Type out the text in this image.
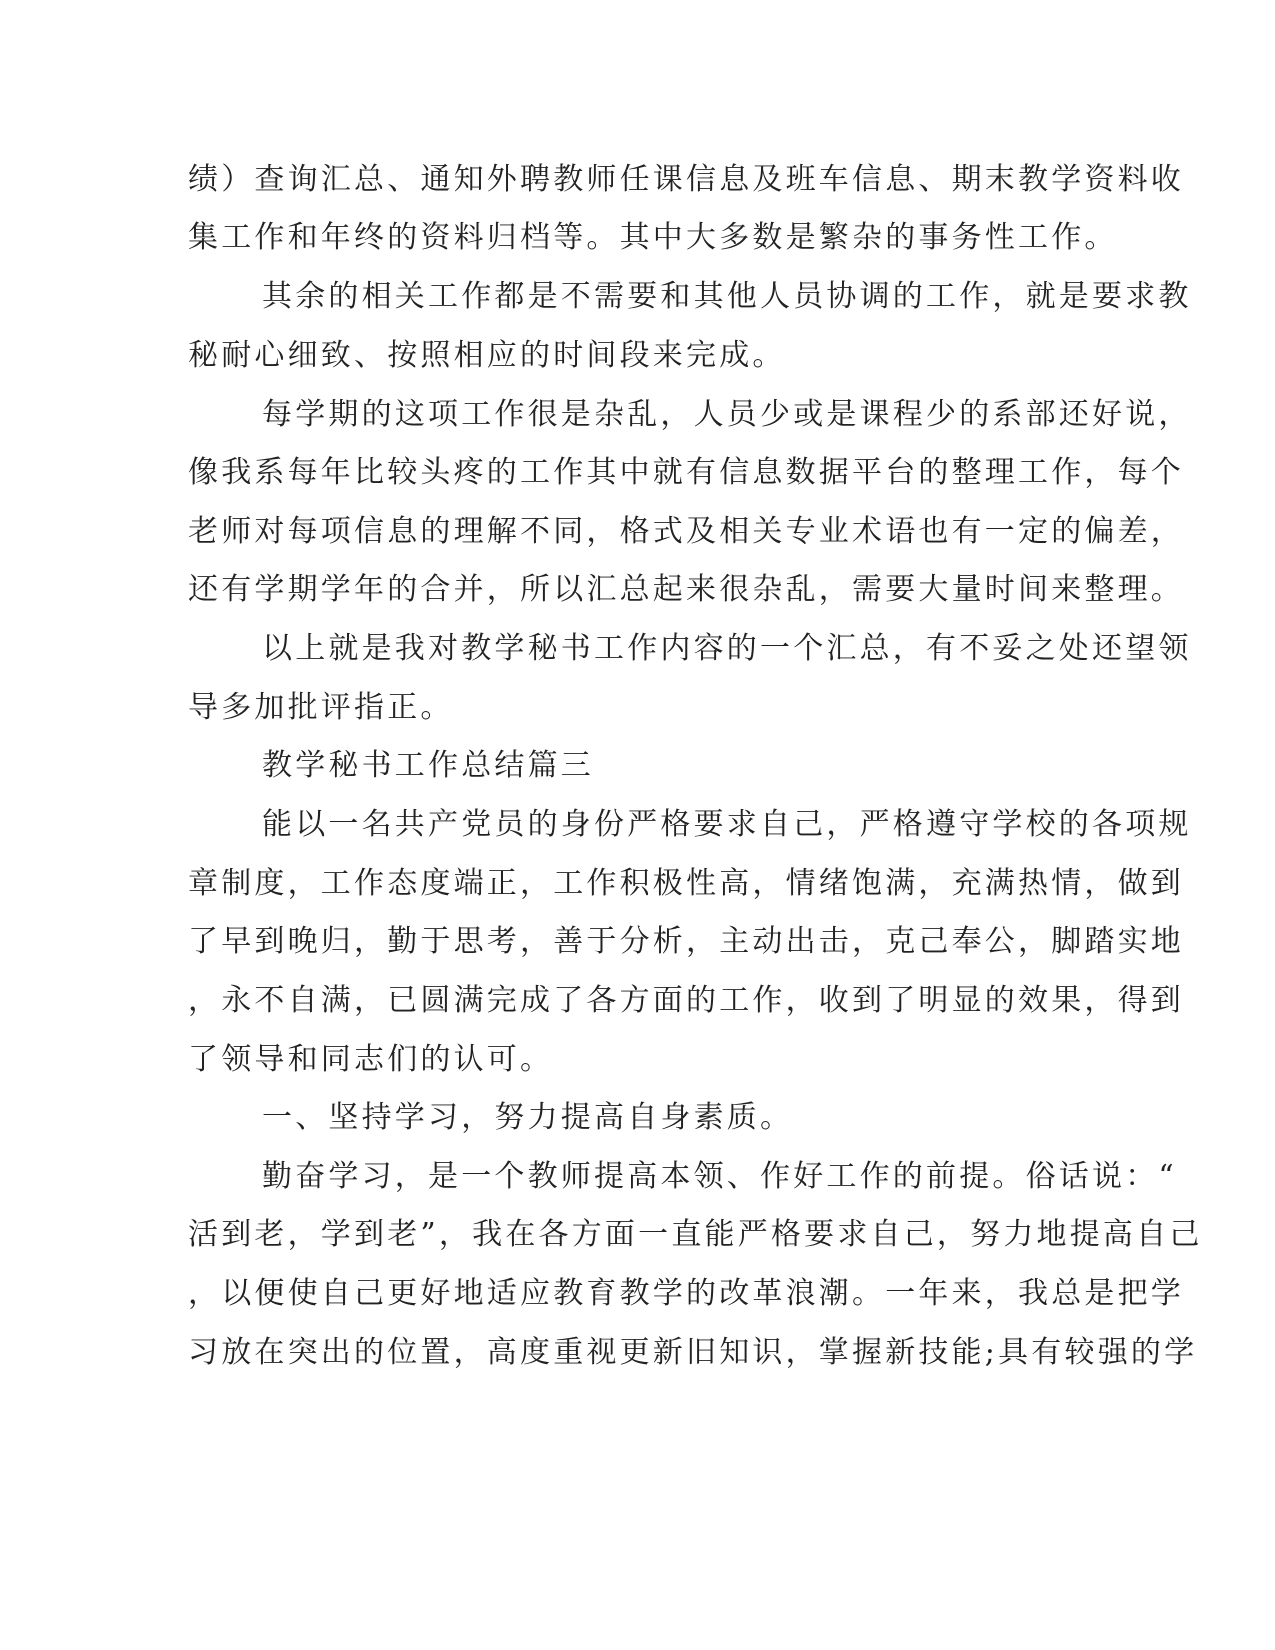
绩）查询汇总、通知外聘教师任课信息及班车信息、期末教学资料收
集工作和年终的资料归档等。其中大多数是繁杂的事务性工作。
其余的相关工作都是不需要和其他人员协调的工作，就是要求教
秘耐心细致、按照相应的时间段来完成。
每学期的这项工作很是杂乱，人员少或是课程少的系部还好说，
像我系每年比较头疼的工作其中就有信息数据平台的整理工作，每个
老师对每项信息的理解不同，格式及相关专业术语也有一定的偏差，
还有学期学年的合并，所以汇总起来很杂乱，需要大量时间来整理。
以上就是我对教学秘书工作内容的一个汇总，有不妥之处还望领
导多加批评指正。
教学秘书工作总结篇三
能以一名共产党员的身份严格要求自己，严格遵守学校的各项规
章制度，工作态度端正，工作积极性高，情绪饱满，充满热情，做到
了早到晚归，勤于思考，善于分析，主动出击，克己奉公，脚踏实地
，永不自满，已圆满完成了各方面的工作，收到了明显的效果，得到
了领导和同志们的认可。
一、坚持学习，努力提高自身素质。
勤奋学习，是一个教师提高本领、作好工作的前提。俗话说：“
活到老，学到老”，我在各方面一直能严格要求自己，努力地提高自己
，以便使自己更好地适应教育教学的改革浪潮。一年来，我总是把学
习放在突出的位置，高度重视更新旧知识，掌握新技能;具有较强的学
